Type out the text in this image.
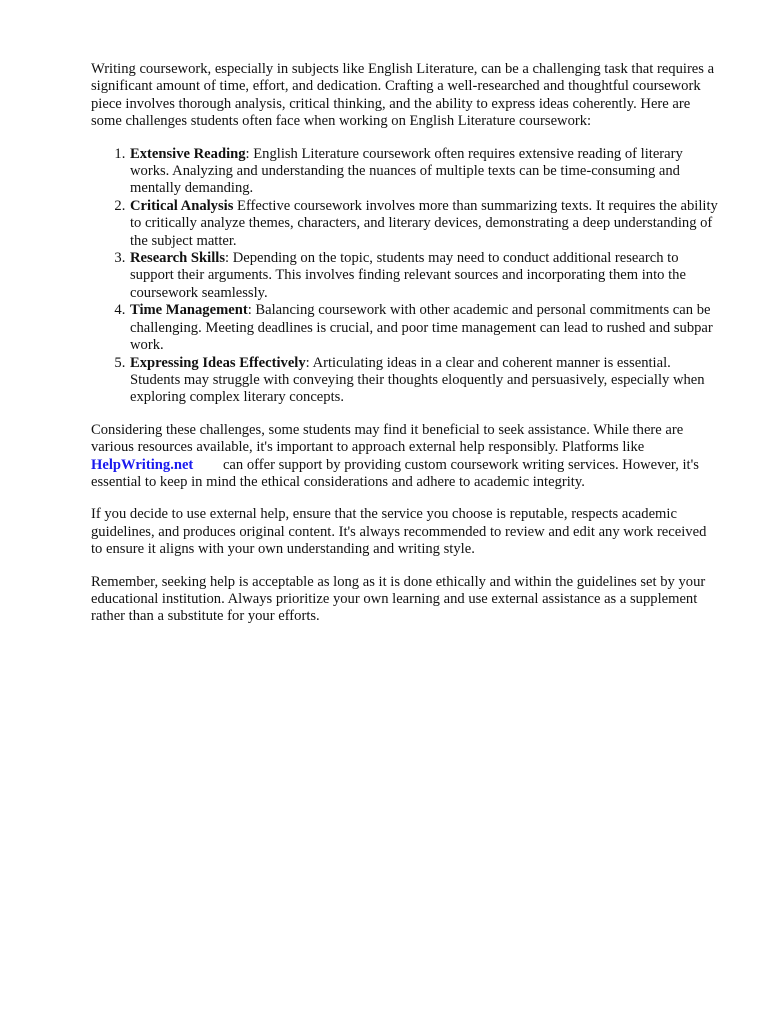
Writing coursework, especially in subjects like English Literature, can be a challenging task that requires a significant amount of time, effort, and dedication. Crafting a well-researched and thoughtful coursework piece involves thorough analysis, critical thinking, and the ability to express ideas coherently. Here are some challenges students often face when working on English Literature coursework:

1. Extensive Reading: English Literature coursework often requires extensive reading of literary works. Analyzing and understanding the nuances of multiple texts can be time-consuming and mentally demanding.
2. Critical Analysis Effective coursework involves more than summarizing texts. It requires the ability to critically analyze themes, characters, and literary devices, demonstrating a deep understanding of the subject matter.
3. Research Skills: Depending on the topic, students may need to conduct additional research to support their arguments. This involves finding relevant sources and incorporating them into the coursework seamlessly.
4. Time Management: Balancing coursework with other academic and personal commitments can be challenging. Meeting deadlines is crucial, and poor time management can lead to rushed and subpar work.
5. Expressing Ideas Effectively: Articulating ideas in a clear and coherent manner is essential. Students may struggle with conveying their thoughts eloquently and persuasively, especially when exploring complex literary concepts.

Considering these challenges, some students may find it beneficial to seek assistance. While there are various resources available, it's important to approach external help responsibly. Platforms like
HelpWriting.net can offer support by providing custom coursework writing services. However, it's essential to keep in mind the ethical considerations and adhere to academic integrity.

If you decide to use external help, ensure that the service you choose is reputable, respects academic guidelines, and produces original content. It's always recommended to review and edit any work received to ensure it aligns with your own understanding and writing style.

Remember, seeking help is acceptable as long as it is done ethically and within the guidelines set by your educational institution. Always prioritize your own learning and use external assistance as a supplement rather than a substitute for your efforts.
